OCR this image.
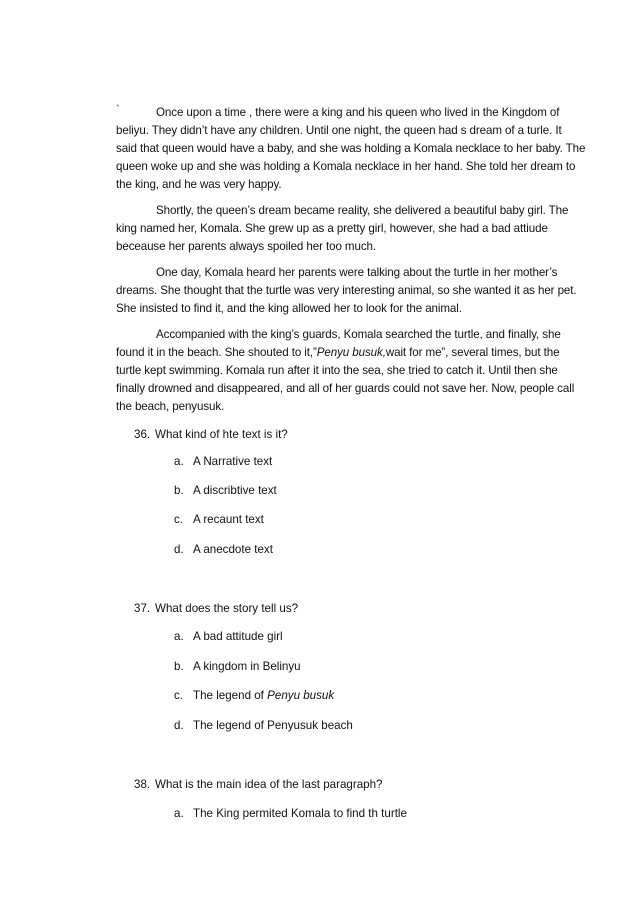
`	Once upon a time , there were a king and his queen who lived in the Kingdom of
beliyu. They didn’t have any children. Until one night, the queen had s dream of a turle. It
said that queen would have a baby, and she was holding a Komala necklace to her baby. The
queen woke up and she was holding a Komala necklace in her hand. She told her dream to
the king, and he was very happy.
Shortly, the queen’s dream became reality, she delivered a beautiful baby girl. The
king named her, Komala. She grew up as a pretty girl, however, she had a bad attiude
beceause her parents always spoiled her too much.
One day, Komala heard her parents were talking about the turtle in her mother’s
dreams. She thought that the turtle was very interesting animal, so she wanted it as her pet.
She insisted to find it, and the king allowed her to look for the animal.
Accompanied with the king’s guards, Komala searched the turtle, and finally, she
found it in the beach. She shouted to it,”Penyu busuk,wait for me”, several times, but the
turtle kept swimming. Komala run after it into the sea, she tried to catch it. Until then she
finally drowned and disappeared, and all of her guards could not save her. Now, people call
the beach, penyusuk.
36. What kind of hte text is it?
a. A Narrative text
b. A discribtive text
c. A recaunt text
d. A anecdote text
37. What does the story tell us?
a. A bad attitude girl
b. A kingdom in Belinyu
c. The legend of Penyu busuk
d. The legend of Penyusuk beach
38. What is the main idea of the last paragraph?
a. The King permited Komala to find th turtle
